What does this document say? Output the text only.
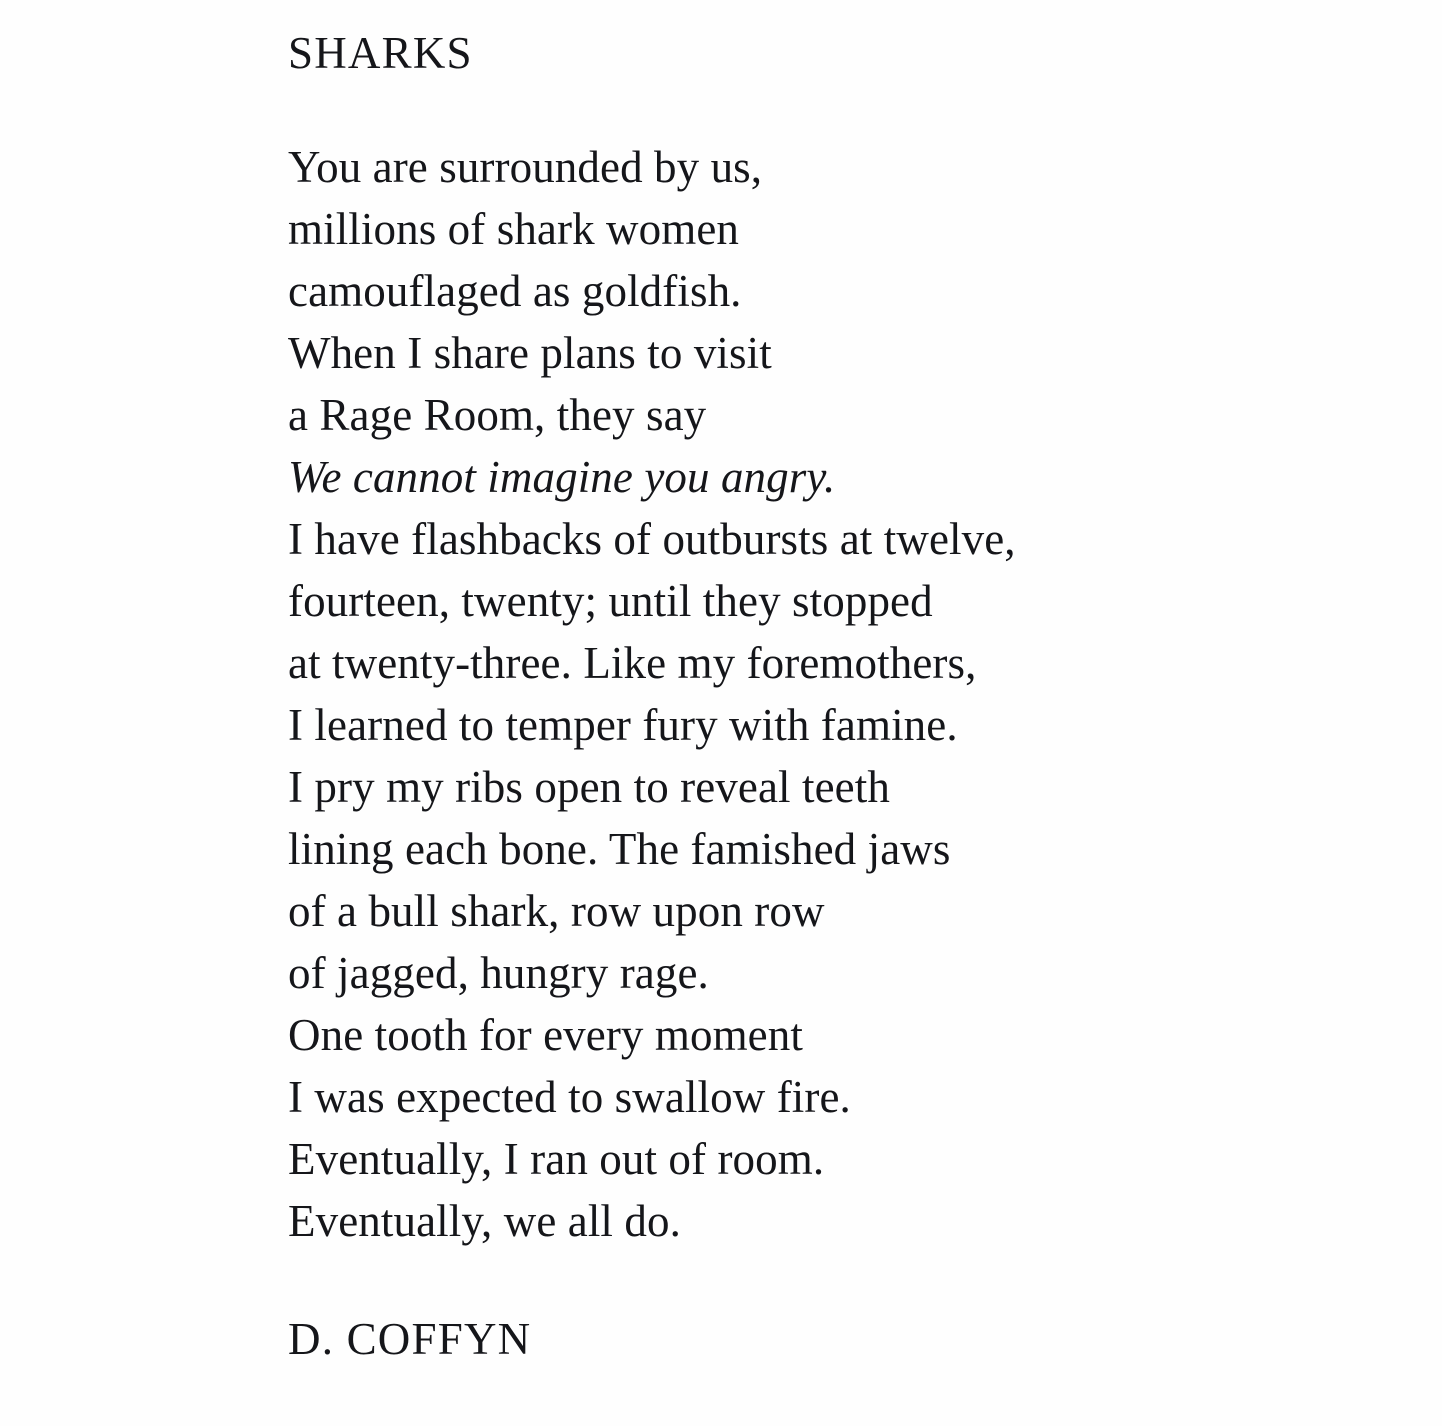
SHARKS
You are surrounded by us,
millions of shark women
camouflaged as goldfish.
When I share plans to visit
a Rage Room, they say
We cannot imagine you angry.
I have flashbacks of outbursts at twelve,
fourteen, twenty; until they stopped
at twenty-three. Like my foremothers,
I learned to temper fury with famine.
I pry my ribs open to reveal teeth
lining each bone. The famished jaws
of a bull shark, row upon row
of jagged, hungry rage.
One tooth for every moment
I was expected to swallow fire.
Eventually, I ran out of room.
Eventually, we all do.
D. COFFYN
